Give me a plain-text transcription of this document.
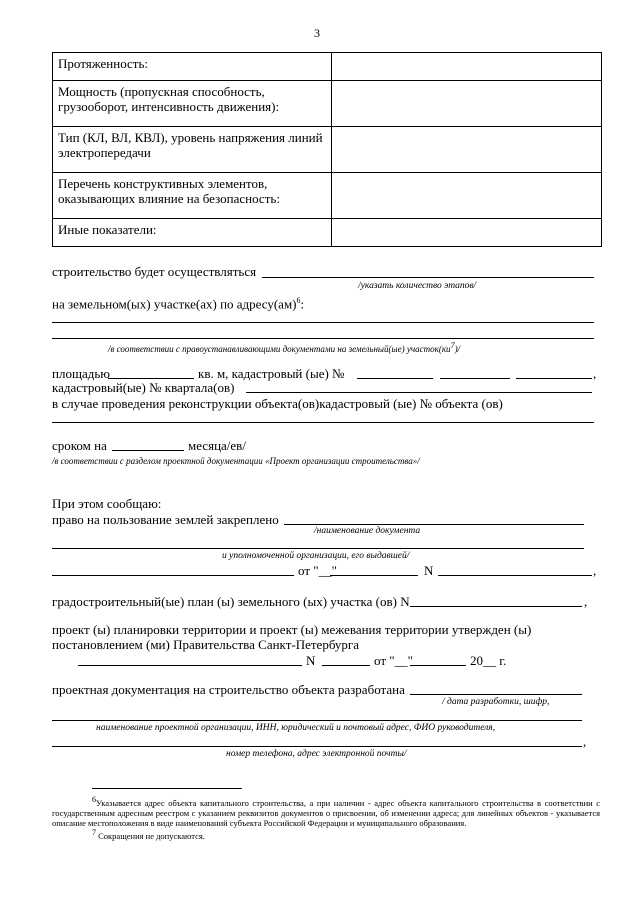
3
Протяженность:	
Мощность (пропускная способность, грузооборот, интенсивность движения):	
Тип (КЛ, ВЛ, КВЛ), уровень напряжения линий электропередачи	
Перечень конструктивных элементов, оказывающих влияние на безопасность:	
Иные показатели:	
строительство будет осуществляться
/указать количество этапов/
на земельном(ых) участке(ах) по адресу(ам)$^6$:
/в соответствии с правоустанавливающими документами на земельный(ые) $участок(ки^7)/$
площадью	кв. м, кадастровый (ые) №	,
кадастровый(ые) № квартала(ов)
в случае проведения реконструкции объекта(ов)кадастровый (ые) № объекта (ов)
сроком на	месяца/ев/
/в соответствии с разделом проектной документации «Проект организации строительства»/
При этом сообщаю:
право на пользование землей закреплено
/наименование документа
и уполномоченной организации, его выдавшей/
от "__"	N	,
градостроительный(ые) план (ы) земельного (ых) участка (ов) N	,
проект (ы) планировки территории и проект (ы) межевания территории утвержден (ы)
постановлением (ми) Правительства Санкт-Петербурга
N	от "__"	20__ г.
проектная документация на строительство объекта разработана
/ дата разработки, шифр,
наименование проектной организации, ИНН, юридический и почтовый адрес, ФИО руководителя,
,
номер телефона, адрес электронной почты/
$^6$Указывается адрес объекта капитального строительства, а при наличии - адрес объекта капитального строительства в соответствии с государственным адресным реестром с указанием реквизитов документов о присвоении, об изменении адреса; для линейных объектов - указывается описание местоположения в виде наименований субъекта Российской Федерации и муниципального образования.
$^7$ Сокращения не допускаются.
